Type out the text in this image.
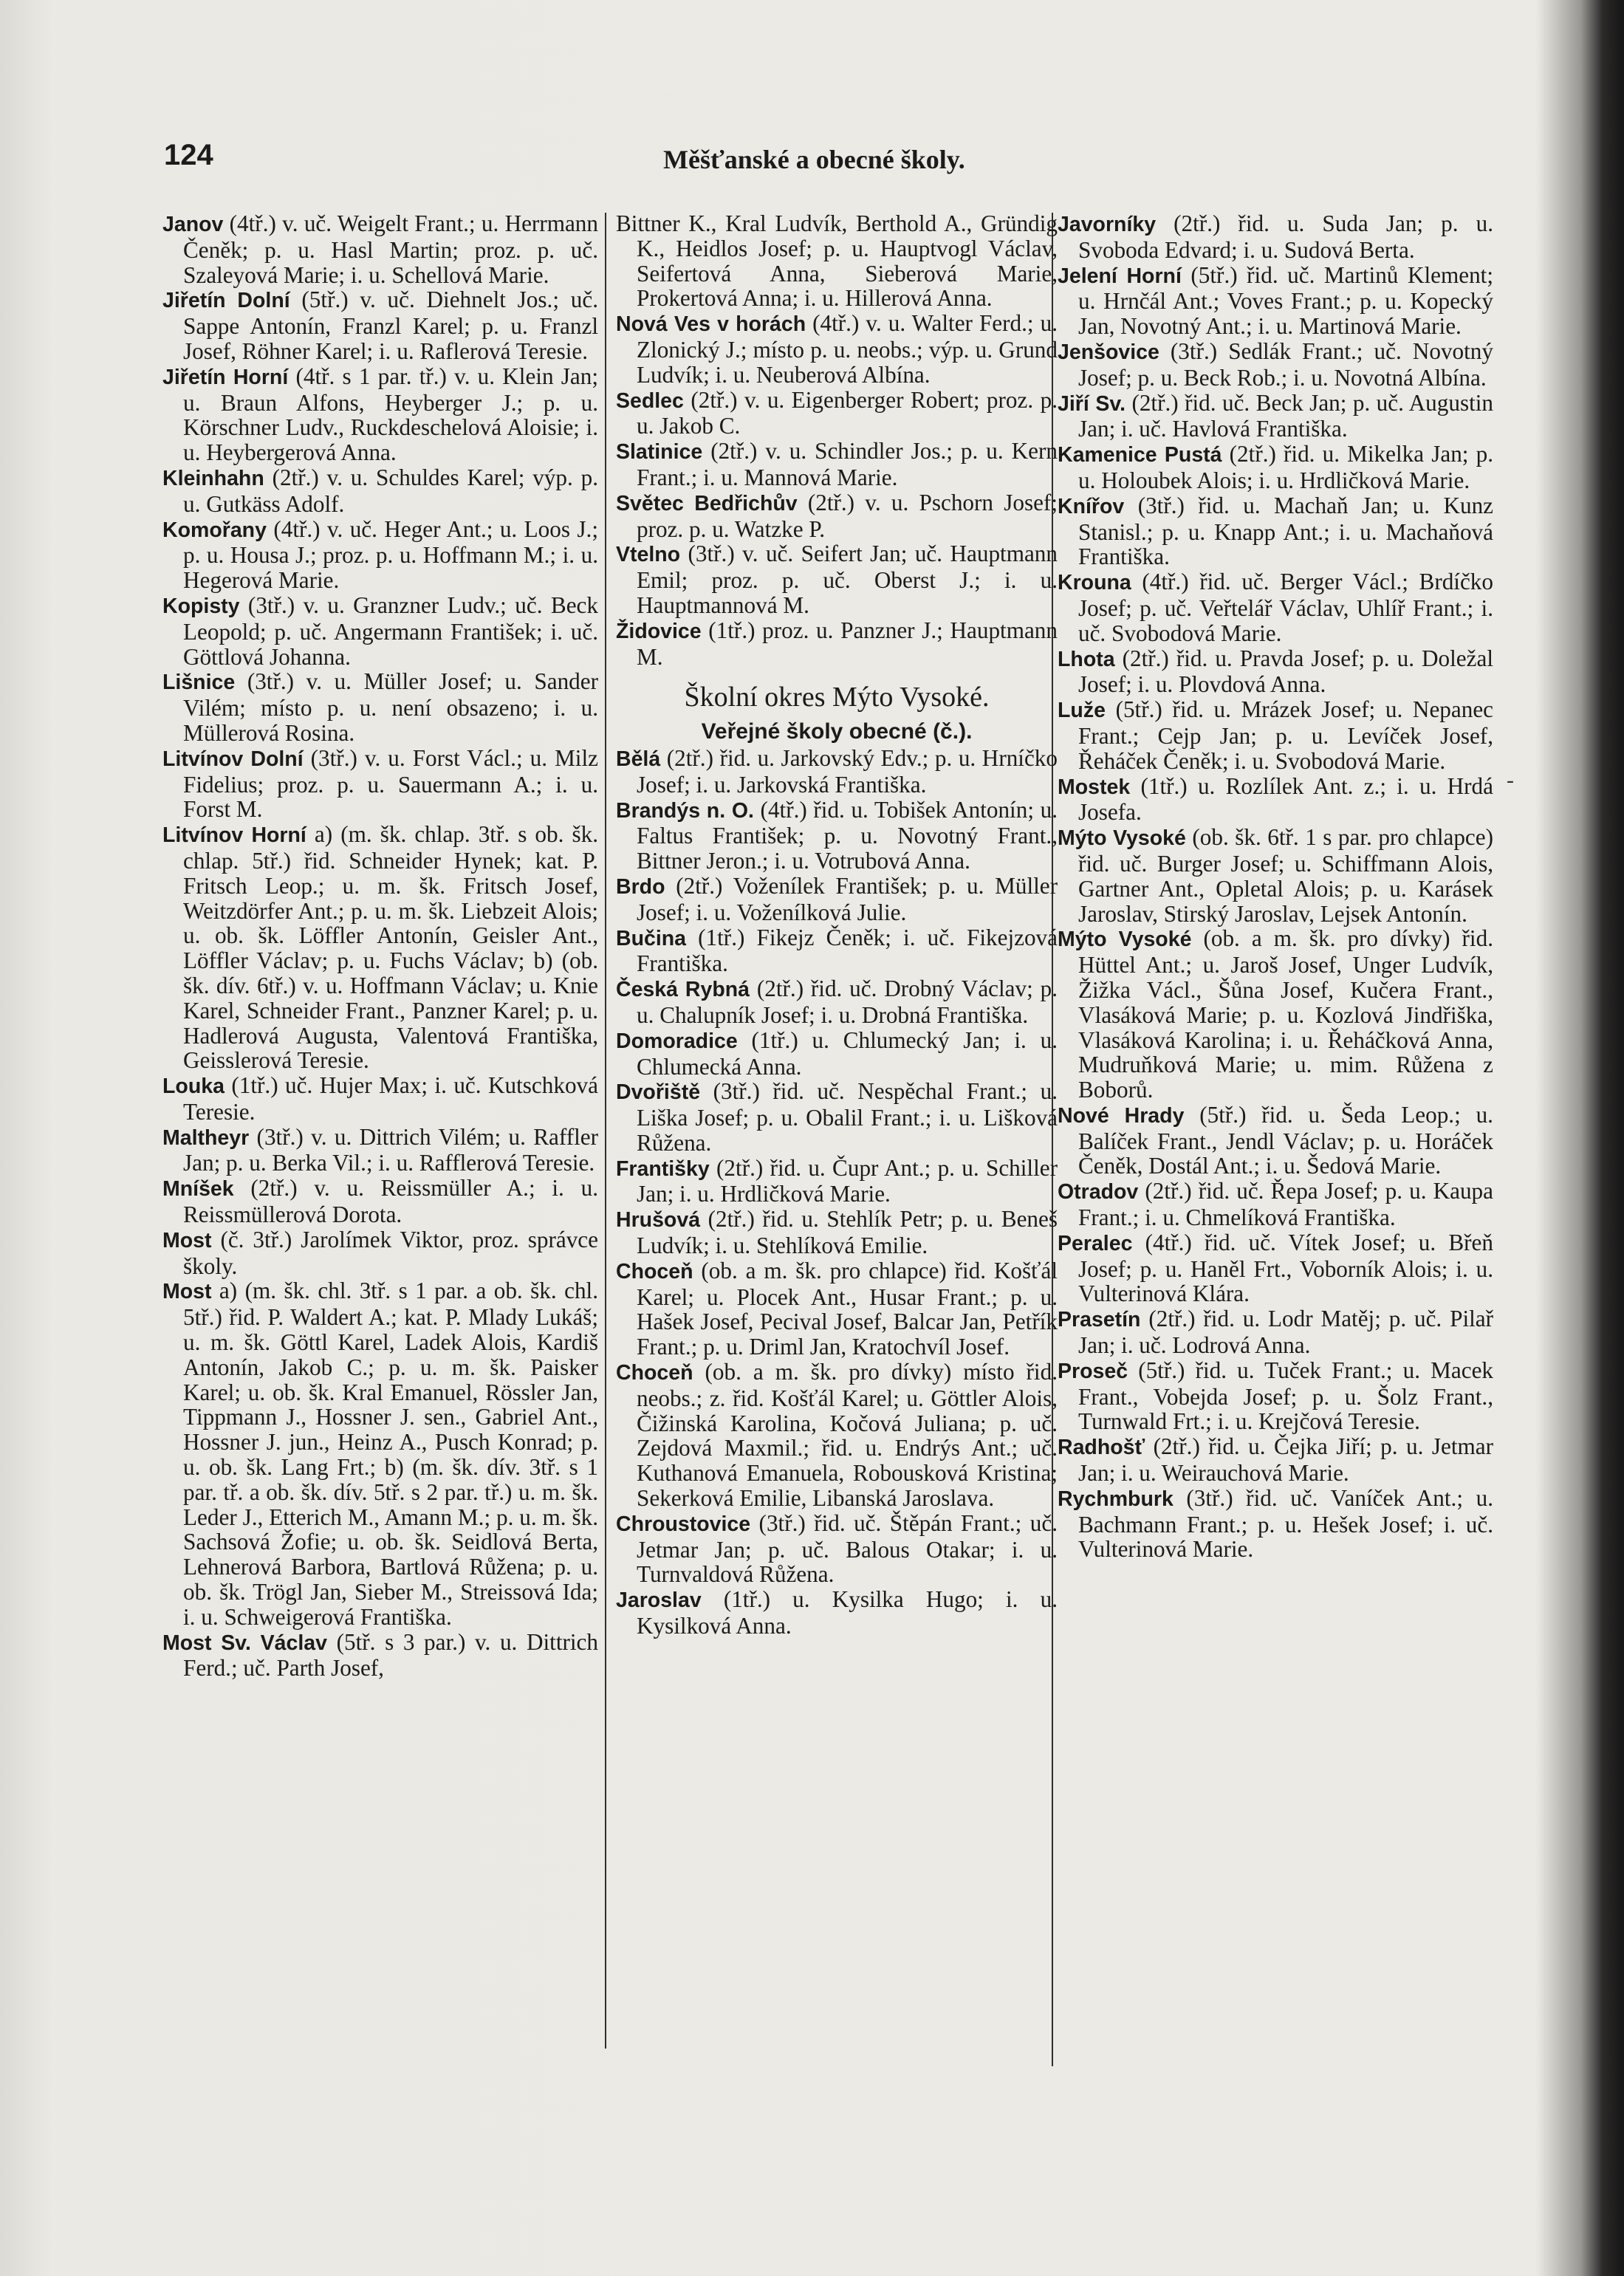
124	Měšťanské a obecné školy.

Janov (4tř.) v. uč. Weigelt Frant.; u. Herrmann Čeněk; p. u. Hasl Martin; proz. p. uč. Szaleyová Marie; i. u. Schellová Marie.

Jiřetín Dolní (5tř.) v. uč. Diehnelt Jos.; uč. Sappe Antonín, Franzl Karel; p. u. Franzl Josef, Röhner Karel; i. u. Raflerová Teresie.

Jiřetín Horní (4tř. s 1 par. tř.) v. u. Klein Jan; u. Braun Alfons, Heyberger J.; p. u. Körschner Ludv., Ruckdeschelová Aloisie; i. u. Heybergerová Anna.

Kleinhahn (2tř.) v. u. Schuldes Karel; výp. p. u. Gutkäss Adolf.

Komořany (4tř.) v. uč. Heger Ant.; u. Loos J.; p. u. Housa J.; proz. p. u. Hoffmann M.; i. u. Hegerová Marie.

Kopisty (3tř.) v. u. Granzner Ludv.; uč. Beck Leopold; p. uč. Angermann František; i. uč. Göttlová Johanna.

Lišnice (3tř.) v. u. Müller Josef; u. Sander Vilém; místo p. u. není obsazeno; i. u. Müllerová Rosina.

Litvínov Dolní (3tř.) v. u. Forst Václ.; u. Milz Fidelius; proz. p. u. Sauermann A.; i. u. Forst M.

Litvínov Horní a) (m. šk. chlap. 3tř. s ob. šk. chlap. 5tř.) řid. Schneider Hynek; kat. P. Fritsch Leop.; u. m. šk. Fritsch Josef, Weitzdörfer Ant.; p. u. m. šk. Liebzeit Alois; u. ob. šk. Löffler Antonín, Geisler Ant., Löffler Václav; p. u. Fuchs Václav; b) (ob. šk. dív. 6tř.) v. u. Hoffmann Václav; u. Knie Karel, Schneider Frant., Panzner Karel; p. u. Hadlerová Augusta, Valentová Františka, Geisslerová Teresie.

Louka (1tř.) uč. Hujer Max; i. uč. Kutschková Teresie.

Maltheyr (3tř.) v. u. Dittrich Vilém; u. Raffler Jan; p. u. Berka Vil.; i. u. Rafflerová Teresie.

Mníšek (2tř.) v. u. Reissmüller A.; i. u. Reissmüllerová Dorota.

Most (č. 3tř.) Jarolímek Viktor, proz. správce školy.

Most a) (m. šk. chl. 3tř. s 1 par. a ob. šk. chl. 5tř.) řid. P. Waldert A.; kat. P. Mlady Lukáš; u. m. šk. Göttl Karel, Ladek Alois, Kardiš Antonín, Jakob C.; p. u. m. šk. Paisker Karel; u. ob. šk. Kral Emanuel, Rössler Jan, Tippmann J., Hossner J. sen., Gabriel Ant., Hossner J. jun., Heinz A., Pusch Konrad; p. u. ob. šk. Lang Frt.; b) (m. šk. dív. 3tř. s 1 par. tř. a ob. šk. dív. 5tř. s 2 par. tř.) u. m. šk. Leder J., Etterich M., Amann M.; p. u. m. šk. Sachsová Žofie; u. ob. šk. Seidlová Berta, Lehnerová Barbora, Bartlová Růžena; p. u. ob. šk. Trögl Jan, Sieber M., Streissová Ida; i. u. Schweigerová Františka.

Most Sv. Václav (5tř. s 3 par.) v. u. Dittrich Ferd.; uč. Parth Josef,

Bittner K., Kral Ludvík, Berthold A., Gründig K., Heidlos Josef; p. u. Hauptvogl Václav, Seifertová Anna, Sieberová Marie, Prokertová Anna; i. u. Hillerová Anna.

Nová Ves v horách (4tř.) v. u. Walter Ferd.; u. Zlonický J.; místo p. u. neobs.; výp. u. Grund Ludvík; i. u. Neuberová Albína.

Sedlec (2tř.) v. u. Eigenberger Robert; proz. p. u. Jakob C.

Slatinice (2tř.) v. u. Schindler Jos.; p. u. Kern Frant.; i. u. Mannová Marie.

Světec Bedřichův (2tř.) v. u. Pschorn Josef; proz. p. u. Watzke P.

Vtelno (3tř.) v. uč. Seifert Jan; uč. Hauptmann Emil; proz. p. uč. Oberst J.; i. u. Hauptmannová M.

Židovice (1tř.) proz. u. Panzner J.; Hauptmann M.

Školní okres Mýto Vysoké.

Veřejné školy obecné (č.).

Bělá (2tř.) řid. u. Jarkovský Edv.; p. u. Hrníčko Josef; i. u. Jarkovská Františka.

Brandýs n. O. (4tř.) řid. u. Tobišek Antonín; u. Faltus František; p. u. Novotný Frant., Bittner Jeron.; i. u. Votrubová Anna.

Brdo (2tř.) Voženílek František; p. u. Müller Josef; i. u. Voženílková Julie.

Bučina (1tř.) Fikejz Čeněk; i. uč. Fikejzová Františka.

Česká Rybná (2tř.) řid. uč. Drobný Václav; p. u. Chalupník Josef; i. u. Drobná Františka.

Domoradice (1tř.) u. Chlumecký Jan; i. u. Chlumecká Anna.

Dvořiště (3tř.) řid. uč. Nespěchal Frant.; u. Liška Josef; p. u. Obalil Frant.; i. u. Lišková Růžena.

Františky (2tř.) řid. u. Čupr Ant.; p. u. Schiller Jan; i. u. Hrdličková Marie.

Hrušová (2tř.) řid. u. Stehlík Petr; p. u. Beneš Ludvík; i. u. Stehlíková Emilie.

Choceň (ob. a m. šk. pro chlapce) řid. Košťál Karel; u. Plocek Ant., Husar Frant.; p. u. Hašek Josef, Pecival Josef, Balcar Jan, Petřík Frant.; p. u. Driml Jan, Kratochvíl Josef.

Choceň (ob. a m. šk. pro dívky) místo řid. neobs.; z. řid. Košťál Karel; u. Göttler Alois, Čižinská Karolina, Kočová Juliana; p. uč. Zejdová Maxmil.; řid. u. Endrýs Ant.; uč. Kuthanová Emanuela, Robousková Kristina; Sekerková Emilie, Libanská Jaroslava.

Chroustovice (3tř.) řid. uč. Štěpán Frant.; uč. Jetmar Jan; p. uč. Balous Otakar; i. u. Turnvaldová Růžena.

Jaroslav (1tř.) u. Kysilka Hugo; i. u. Kysilková Anna.

Javorníky (2tř.) řid. u. Suda Jan; p. u. Svoboda Edvard; i. u. Sudová Berta.

Jelení Horní (5tř.) řid. uč. Martinů Klement; u. Hrnčál Ant.; Voves Frant.; p. u. Kopecký Jan, Novotný Ant.; i. u. Martinová Marie.

Jenšovice (3tř.) Sedlák Frant.; uč. Novotný Josef; p. u. Beck Rob.; i. u. Novotná Albína.

Jiří Sv. (2tř.) řid. uč. Beck Jan; p. uč. Augustin Jan; i. uč. Havlová Františka.

Kamenice Pustá (2tř.) řid. u. Mikelka Jan; p. u. Holoubek Alois; i. u. Hrdličková Marie.

Knířov (3tř.) řid. u. Machaň Jan; u. Kunz Stanisl.; p. u. Knapp Ant.; i. u. Machaňová Františka.

Krouna (4tř.) řid. uč. Berger Václ.; Brdíčko Josef; p. uč. Veřtelář Václav, Uhlíř Frant.; i. uč. Svobodová Marie.

Lhota (2tř.) řid. u. Pravda Josef; p. u. Doležal Josef; i. u. Plovdová Anna.

Luže (5tř.) řid. u. Mrázek Josef; u. Nepanec Frant.; Cejp Jan; p. u. Levíček Josef, Řeháček Čeněk; i. u. Svobodová Marie.

Mostek (1tř.) u. Rozlílek Ant. z.; i. u. Hrdá Josefa.

Mýto Vysoké (ob. šk. 6tř. 1 s par. pro chlapce) řid. uč. Burger Josef; u. Schiffmann Alois, Gartner Ant., Opletal Alois; p. u. Karásek Jaroslav, Stirský Jaroslav, Lejsek Antonín.

Mýto Vysoké (ob. a m. šk. pro dívky) řid. Hüttel Ant.; u. Jaroš Josef, Unger Ludvík, Žižka Václ., Šůna Josef, Kučera Frant., Vlasáková Marie; p. u. Kozlová Jindřiška, Vlasáková Karolina; i. u. Řeháčková Anna, Mudruňková Marie; u. mim. Růžena z Boborů.

Nové Hrady (5tř.) řid. u. Šeda Leop.; u. Balíček Frant., Jendl Václav; p. u. Horáček Čeněk, Dostál Ant.; i. u. Šedová Marie.

Otradov (2tř.) řid. uč. Řepa Josef; p. u. Kaupa Frant.; i. u. Chmelíková Františka.

Peralec (4tř.) řid. uč. Vítek Josef; u. Břeň Josef; p. u. Haněl Frt., Voborník Alois; i. u. Vulterinová Klára.

Prasetín (2tř.) řid. u. Lodr Matěj; p. uč. Pilař Jan; i. uč. Lodrová Anna.

Proseč (5tř.) řid. u. Tuček Frant.; u. Macek Frant., Vobejda Josef; p. u. Šolz Frant., Turnwald Frt.; i. u. Krejčová Teresie.

Radhošť (2tř.) řid. u. Čejka Jiří; p. u. Jetmar Jan; i. u. Weirauchová Marie.

Rychmburk (3tř.) řid. uč. Vaníček Ant.; u. Bachmann Frant.; p. u. Hešek Josef; i. uč. Vulterinová Marie.

-
